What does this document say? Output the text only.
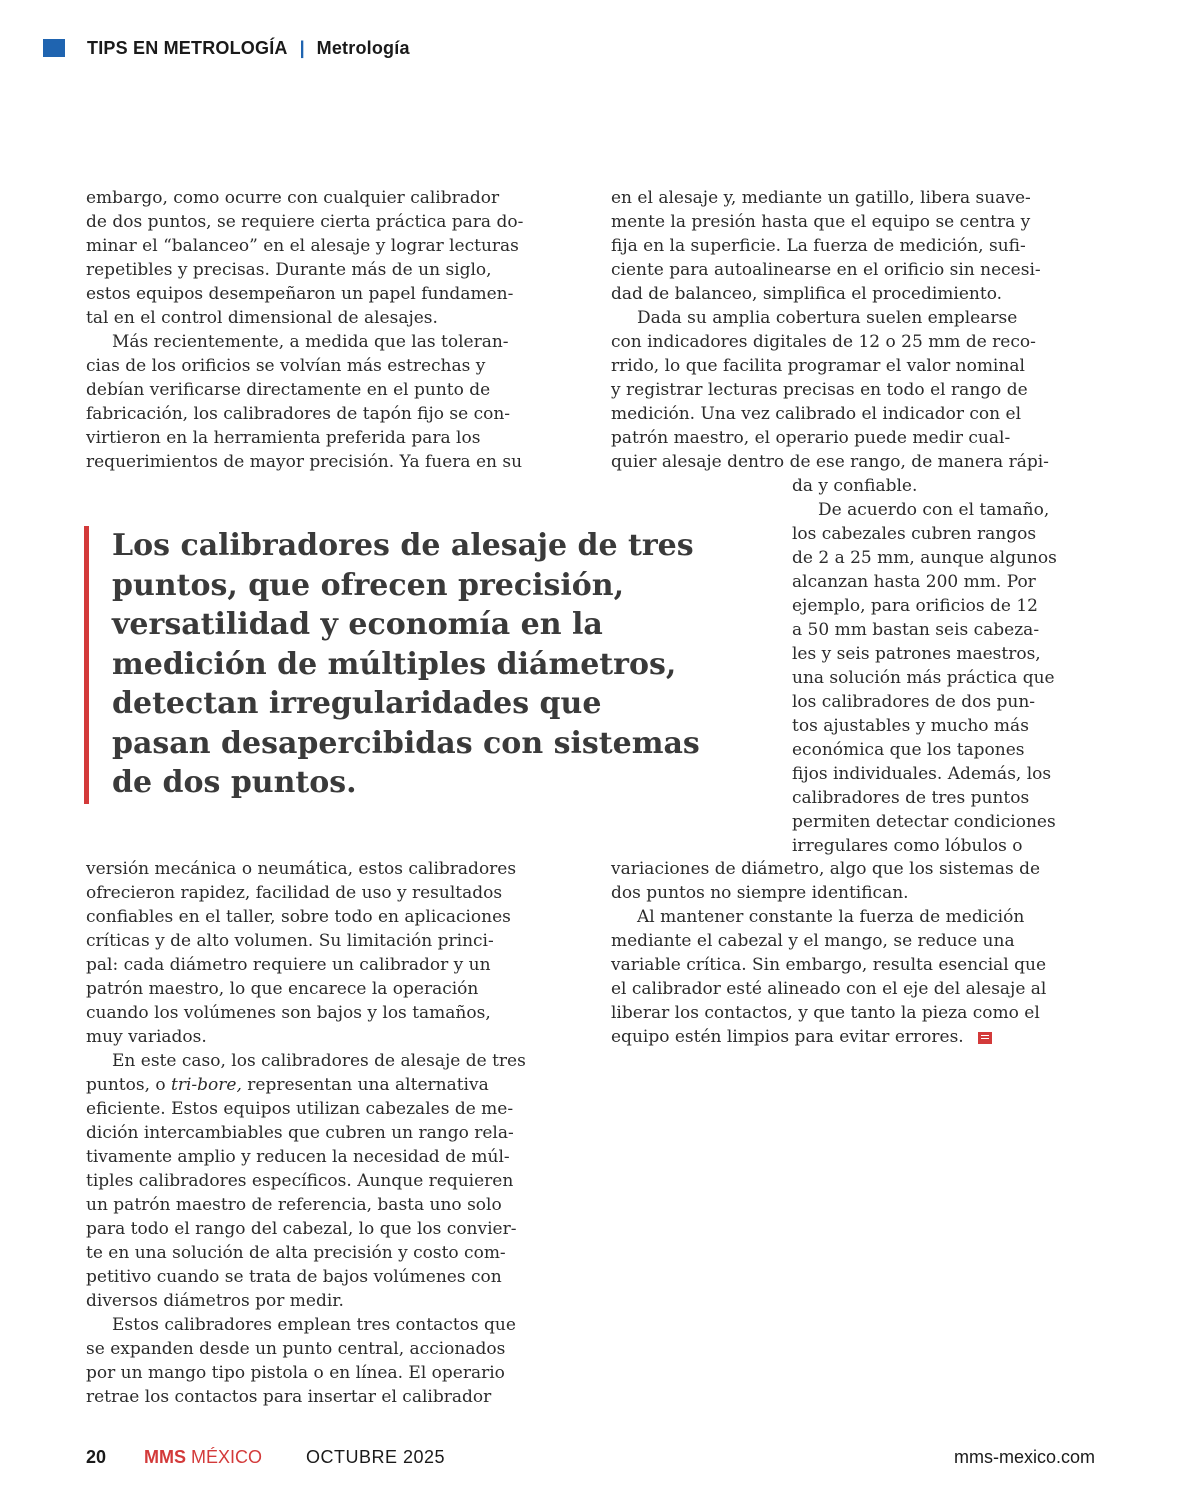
TIPS EN METROLOGÍA | Metrología

embargo, como ocurre con cualquier calibrador

de dos puntos, se requiere cierta práctica para do-

minar el “balanceo” en el alesaje y lograr lecturas

repetibles y precisas. Durante más de un siglo,

estos equipos desempeñaron un papel fundamen-

tal en el control dimensional de alesajes.

Más recientemente, a medida que las toleran-

cias de los orificios se volvían más estrechas y

debían verificarse directamente en el punto de

fabricación, los calibradores de tapón fijo se con-

virtieron en la herramienta preferida para los

requerimientos de mayor precisión. Ya fuera en su

en el alesaje y, mediante un gatillo, libera suave-

mente la presión hasta que el equipo se centra y

fija en la superficie. La fuerza de medición, sufi-

ciente para autoalinearse en el orificio sin necesi-

dad de balanceo, simplifica el procedimiento.

Dada su amplia cobertura suelen emplearse

con indicadores digitales de 12 o 25 mm de reco-

rrido, lo que facilita programar el valor nominal

y registrar lecturas precisas en todo el rango de

medición. Una vez calibrado el indicador con el

patrón maestro, el operario puede medir cual-

quier alesaje dentro de ese rango, de manera rápi-

da y confiable.

De acuerdo con el tamaño,

los cabezales cubren rangos

de 2 a 25 mm, aunque algunos

alcanzan hasta 200 mm. Por

ejemplo, para orificios de 12

a 50 mm bastan seis cabeza-

les y seis patrones maestros,

una solución más práctica que

los calibradores de dos pun-

tos ajustables y mucho más

económica que los tapones

fijos individuales. Además, los

calibradores de tres puntos

permiten detectar condiciones

irregulares como lóbulos o

Los calibradores de alesaje de tres
puntos, que ofrecen precisión,
versatilidad y economía en la
medición de múltiples diámetros,
detectan irregularidades que
pasan desapercibidas con sistemas
de dos puntos.

versión mecánica o neumática, estos calibradores

ofrecieron rapidez, facilidad de uso y resultados

confiables en el taller, sobre todo en aplicaciones

críticas y de alto volumen. Su limitación princi-

pal: cada diámetro requiere un calibrador y un

patrón maestro, lo que encarece la operación

cuando los volúmenes son bajos y los tamaños,

muy variados.

En este caso, los calibradores de alesaje de tres

puntos, o tri-bore, representan una alternativa

eficiente. Estos equipos utilizan cabezales de me-

dición intercambiables que cubren un rango rela-

tivamente amplio y reducen la necesidad de múl-

tiples calibradores específicos. Aunque requieren

un patrón maestro de referencia, basta uno solo

para todo el rango del cabezal, lo que los convier-

te en una solución de alta precisión y costo com-

petitivo cuando se trata de bajos volúmenes con

diversos diámetros por medir.

Estos calibradores emplean tres contactos que

se expanden desde un punto central, accionados

por un mango tipo pistola o en línea. El operario

retrae los contactos para insertar el calibrador

variaciones de diámetro, algo que los sistemas de

dos puntos no siempre identifican.

Al mantener constante la fuerza de medición

mediante el cabezal y el mango, se reduce una

variable crítica. Sin embargo, resulta esencial que

el calibrador esté alineado con el eje del alesaje al

liberar los contactos, y que tanto la pieza como el

equipo estén limpios para evitar errores.

20 MMS MÉXICO OCTUBRE 2025	mms-mexico.com
